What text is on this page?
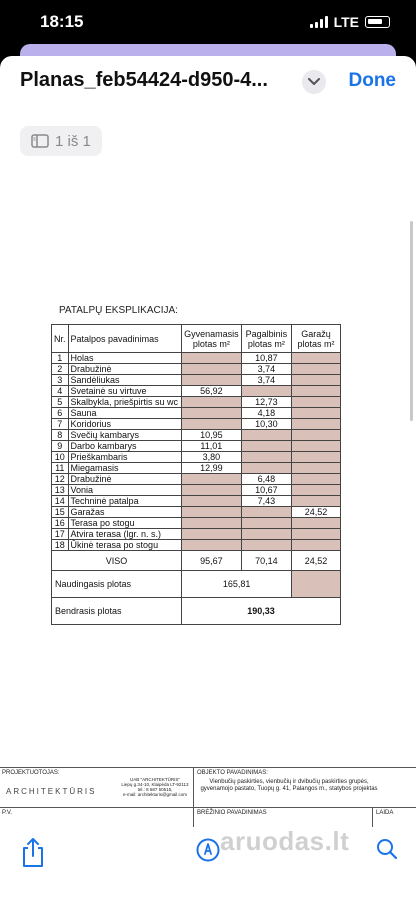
18:15	LTE
Planas_feb54424-d950-4...	Done
1 iš 1
PATALPŲ EKSPLIKACIJA:
Nr.	Patalpos pavadinimas	Gyvenamasis plotas m²	Pagalbinis plotas m²	Garažų plotas m²
1	Holas		10,87	
2	Drabužinė		3,74	
3	Sandėliukas		3,74	
4	Svetainė su virtuve	56,92		
5	Skalbykla, priešpirtis su wc		12,73	
6	Sauna		4,18	
7	Koridorius		10,30	
8	Svečių kambarys	10,95		
9	Darbo kambarys	11,01		
10	Prieškambaris	3,80		
11	Miegamasis	12,99		
12	Drabužinė		6,48	
13	Vonia		10,67	
14	Techninė patalpa		7,43	
15	Garažas			24,52
16	Terasa po stogu			
17	Atvira terasa (lgr. n. s.)			
18	Ūkinė terasa po stogu			
VISO		95,67	70,14	24,52
Naudingasis plotas		165,81		
Bendrasis plotas		190,33		
PROJEKTUOTOJAS:
UAB "ARCHITEKTŪRIS"
Liepų g.34-10, Klaipėda LT-92113
tel.: 8 687 50515,
e-mail: architekturis@gmail.com
ARCHITEKTŪRIS
OBJEKTO PAVADINIMAS:
Vienbučių paskirties, vienbučių ir dvibučių paskirties grupės, gyvenamojo pastato, Tuopų g. 41, Palangos m., statybos projektas
P.V.	BRĖŽINIO PAVADINIMAS	LAIDA
aruodas.lt
